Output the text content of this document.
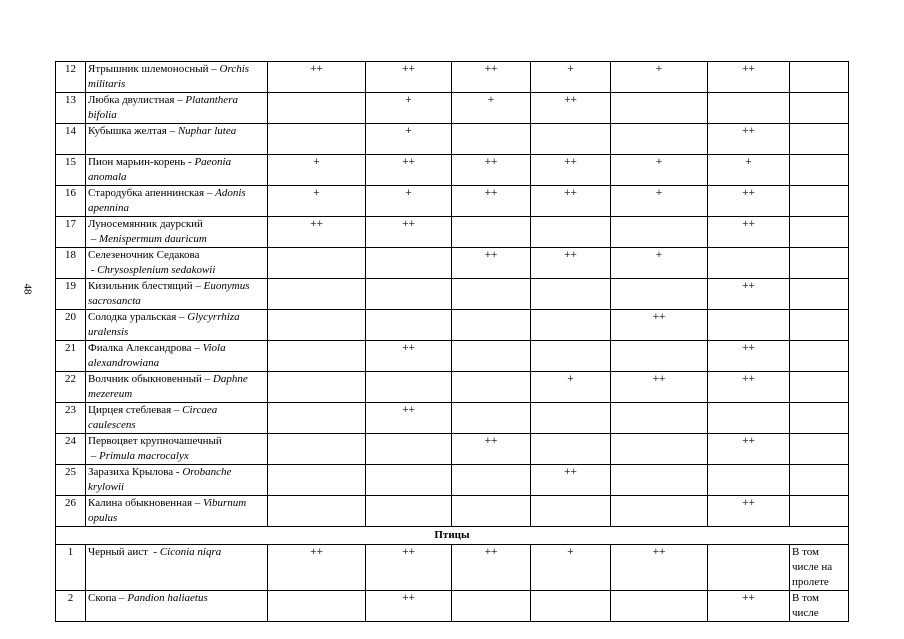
48
12	Ятрышник шлемоносный – Orchis militaris	++	++	++	+	+	++	
13	Любка двулистная – Platanthera bifolia		+	+	++			
14	Кубышка желтая – Nuphar lutea		+				++	
15	Пион марьин-корень - Paeonia anomala	+	++	++	++	+	+	
16	Стародубка апеннинская – Adonis apennina	+	+	++	++	+	++	
17	Луносемянник даурский – Menispermum dauricum	++	++				++	
18	Селезеночник Седакова - Chrysosplenium sedakowii			++	++	+		
19	Кизильник блестящий – Euonymus sacrosancta						++	
20	Солодка уральская – Glycyrrhiza uralensis					++		
21	Фиалка Александрова – Viola alexandrowiana		++				++	
22	Волчник обыкновенный – Daphne mezereum				+	++	++	
23	Цирцея стеблевая – Circaea caulescens		++					
24	Первоцвет крупночашечный – Primula macrocalyx			++			++	
25	Заразиха Крылова - Orobanche krylowii				++			
26	Калина обыкновенная – Viburnum opulus						++	
Птицы								
1	Черный аист  - Ciconia niqra	++	++	++	+	++		В том числе на пролете
2	Скопа – Pandion haliaetus		++				++	В том числе
